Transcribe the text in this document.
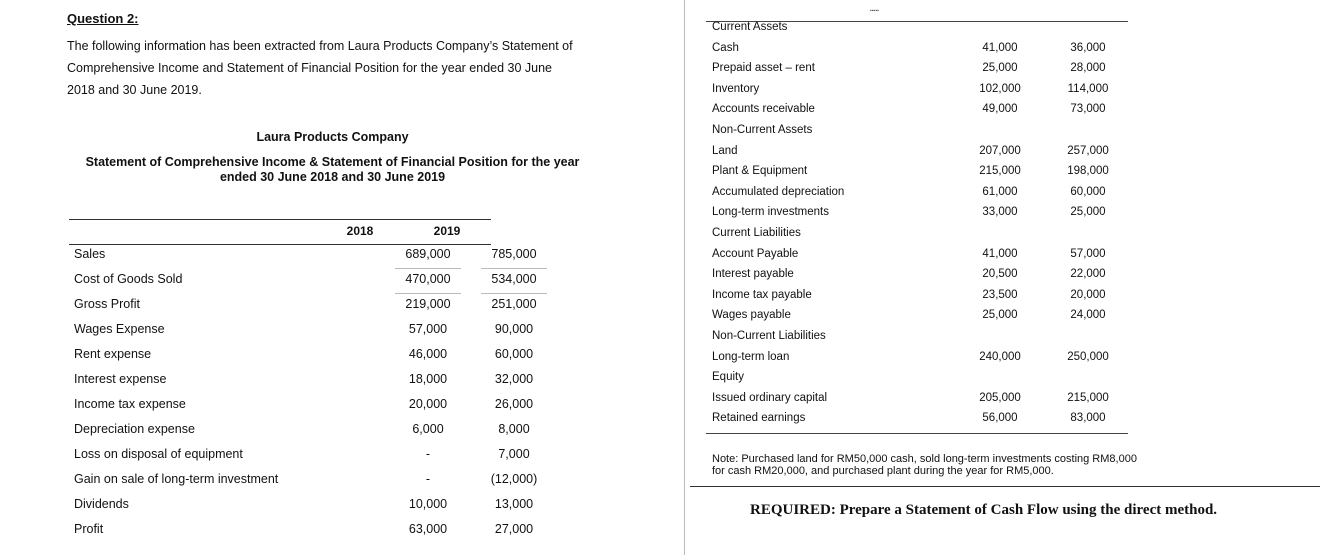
Question 2:
The following information has been extracted from Laura Products Company’s Statement of
Comprehensive Income and Statement of Financial Position for the year ended 30 June
2018 and 30 June 2019.
Laura Products Company
Statement of Comprehensive Income & Statement of Financial Position for the year
ended 30 June 2018 and 30 June 2019
2018	2019
Sales	689,000	785,000
Cost of Goods Sold	470,000	534,000
Gross Profit	219,000	251,000
Wages Expense	57,000	90,000
Rent expense	46,000	60,000
Interest expense	18,000	32,000
Income tax expense	20,000	26,000
Depreciation expense	6,000	8,000
Loss on disposal of equipment	-	7,000
Gain on sale of long-term investment	-	(12,000)
Dividends	10,000	13,000
Profit	63,000	27,000
▪▪▪▪▪
Current Assets
Cash	41,000	36,000
Prepaid asset – rent	25,000	28,000
Inventory	102,000	114,000
Accounts receivable	49,000	73,000
Non-Current Assets
Land	207,000	257,000
Plant & Equipment	215,000	198,000
Accumulated depreciation	61,000	60,000
Long-term investments	33,000	25,000
Current Liabilities
Account Payable	41,000	57,000
Interest payable	20,500	22,000
Income tax payable	23,500	20,000
Wages payable	25,000	24,000
Non-Current Liabilities
Long-term loan	240,000	250,000
Equity
Issued ordinary capital	205,000	215,000
Retained earnings	56,000	83,000
Note: Purchased land for RM50,000 cash, sold long-term investments costing RM8,000
for cash RM20,000, and purchased plant during the year for RM5,000.
REQUIRED: Prepare a Statement of Cash Flow using the direct method.
